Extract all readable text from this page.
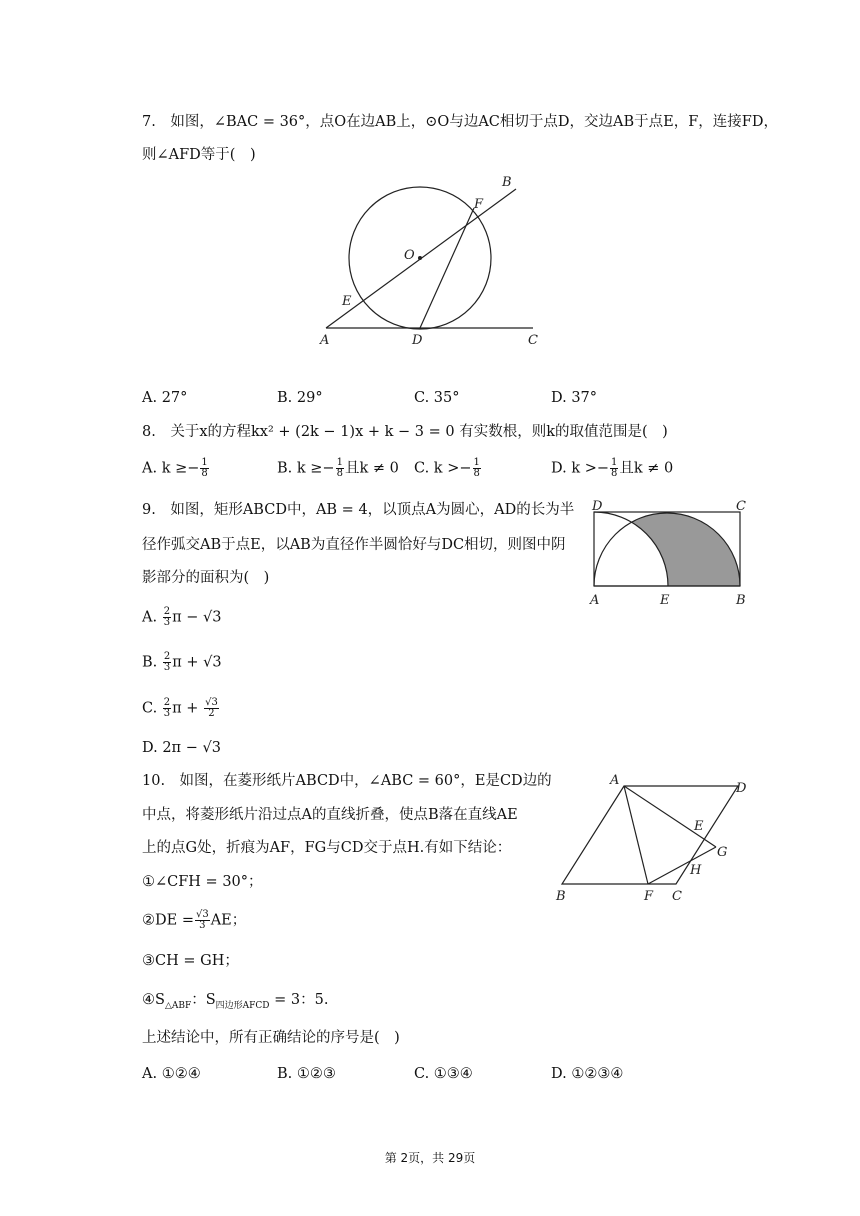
7.　如图，∠BAC = 36°，点O在边AB上，⊙O与边AC相切于点D，交边AB于点E，F，连接FD，
则∠AFD等于(　)
B
F
O
E
A	D	C
A. 27°	B. 29°	C. 35°	D. 37°
8.　关于x的方程kx² + (2k − 1)x + k − 3 = 0 有实数根，则k的取值范围是(　)
A. $k \ge- \frac{1}{8}$	B. $k \ge- \frac{1}{8}$ 且k ≠ 0 C. $k >- \frac{1}{8}$	D. $k >- \frac{1}{8}$ 且k ≠ 0
9.　如图，矩形ABCD中，AB = 4，以顶点A为圆心，AD的长为半
径作弧交AB于点E，以AB为直径作半圆恰好与DC相切，则图中阴
影部分的面积为(　)
D	C
A	E	B
A. $\frac{2}{3}$ π − √3
B. $\frac{2}{3}$ π + √3
C. $\frac{2}{3}$ $\pi + \frac{√3}{2}$
D. 2π − √3
10.　如图，在菱形纸片ABCD中，∠ABC = 60°，E是CD边的
中点，将菱形纸片沿过点A的直线折叠，使点B落在直线AE
上的点G处，折痕为AF，FG与CD交于点H.有如下结论：
A
D
E
G
H
B	F C
①∠CFH = 30°；
②DE = $\frac{√3}{3}$ AE；
③CH = GH；
$④S_{\triangle ABF}$：$S_{四边形AFCD} = 3$：5.
上述结论中，所有正确结论的序号是(　)
A. ①②④	B. ①②③	C. ①③④	D. ①②③④
第 2页，共 29页
